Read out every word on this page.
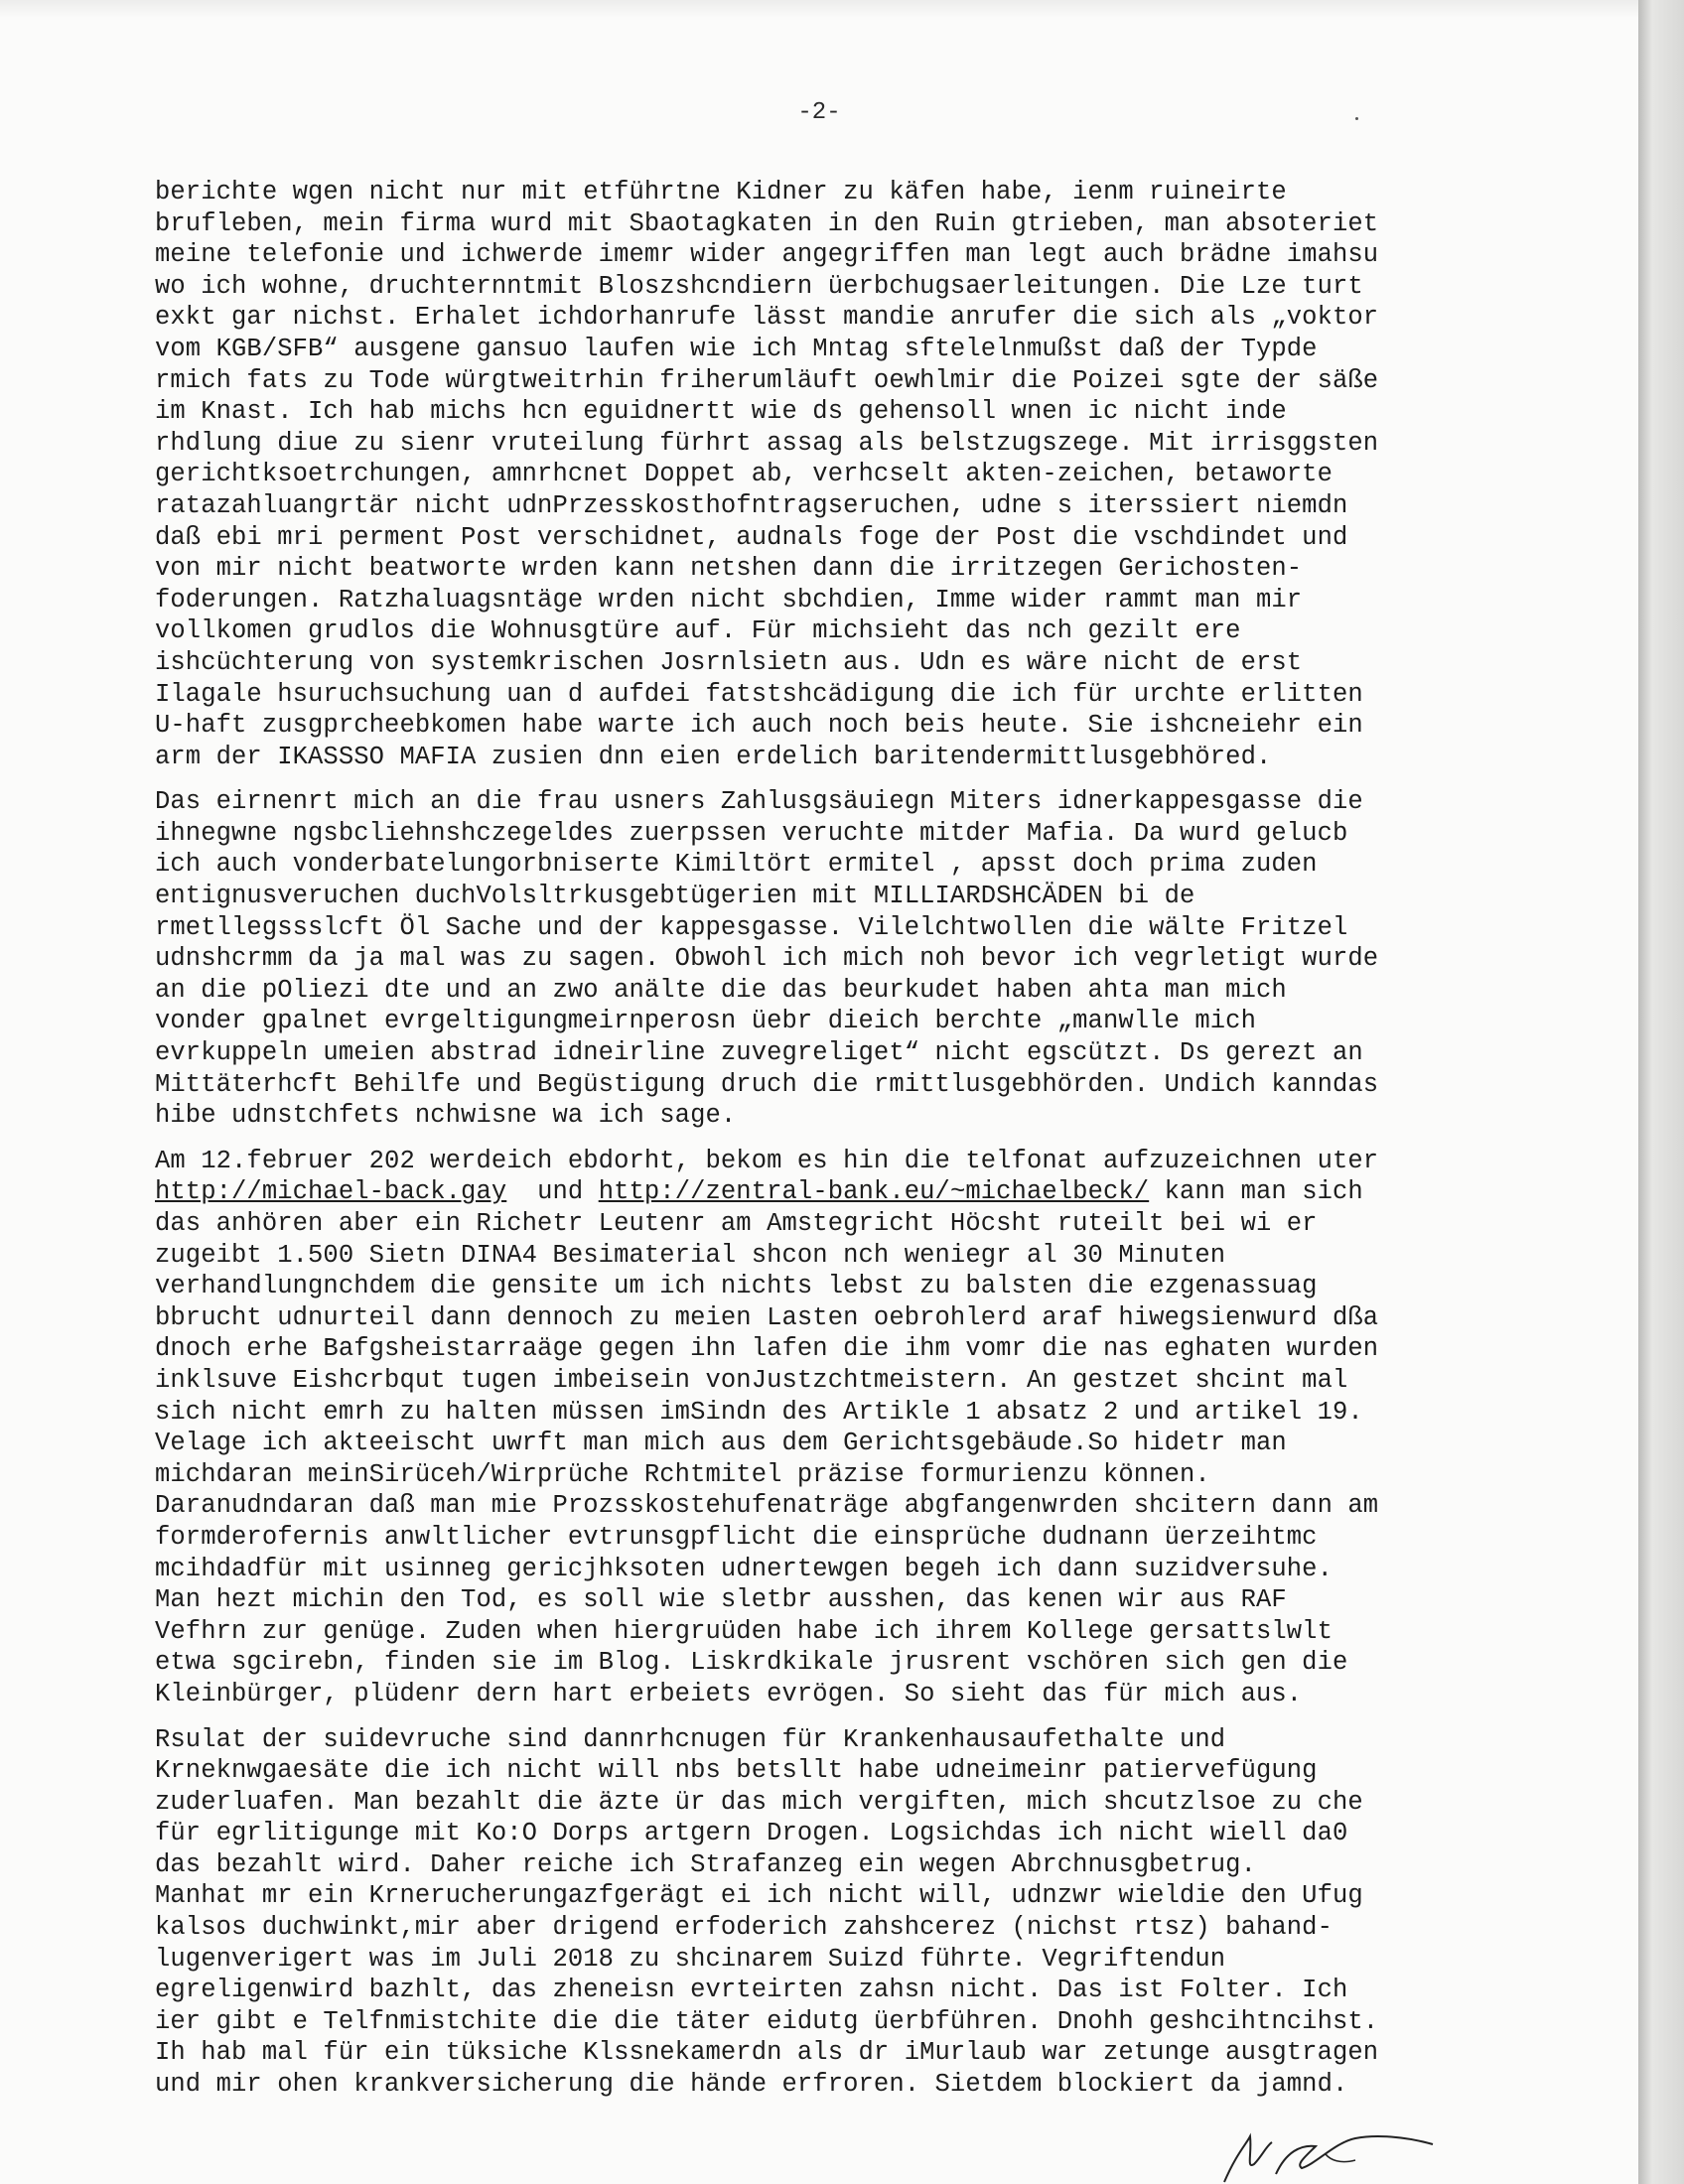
-2-
berichte wgen nicht nur mit etführtne Kidner zu käfen habe, ienm ruineirte
brufleben, mein firma wurd mit Sbaotagkaten in den Ruin gtrieben, man absoteriet
meine telefonie und ichwerde imemr wider angegriffen man legt auch brädne imahsu
wo ich wohne, druchternntmit Bloszshcndiern üerbchugsaerleitungen. Die Lze turt
exkt gar nichst. Erhalet ichdorhanrufe lässt mandie anrufer die sich als „voktor
vom KGB/SFB“ ausgene gansuo laufen wie ich Mntag sftelelnmußst daß der Typde
rmich fats zu Tode würgtweitrhin friherumläuft oewhlmir die Poizei sgte der säße
im Knast. Ich hab michs hcn eguidnertt wie ds gehensoll wnen ic nicht inde
rhdlung diue zu sienr vruteilung fürhrt assag als belstzugszege. Mit irrisggsten
gerichtksoetrchungen, amnrhcnet Doppet ab, verhcselt akten-zeichen, betaworte
ratazahluangrtär nicht udnPrzesskosthofntragseruchen, udne s iterssiert niemdn
daß ebi mri perment Post verschidnet, audnals foge der Post die vschdindet und
von mir nicht beatworte wrden kann netshen dann die irritzegen Gerichosten-
foderungen. Ratzhaluagsntäge wrden nicht sbchdien, Imme wider rammt man mir
vollkomen grudlos die Wohnusgtüre auf. Für michsieht das nch gezilt ere
ishcüchterung von systemkrischen Josrnlsietn aus. Udn es wäre nicht de erst
Ilagale hsuruchsuchung uan d aufdei fatstshcädigung die ich für urchte erlitten
U-haft zusgprcheebkomen habe warte ich auch noch beis heute. Sie ishcneiehr ein
arm der IKASSSO MAFIA zusien dnn eien erdelich baritendermittlusgebhöred.
Das eirnenrt mich an die frau usners Zahlusgsäuiegn Miters idnerkappesgasse die
ihnegwne ngsbcliehnshczegeldes zuerpssen veruchte mitder Mafia. Da wurd gelucb
ich auch vonderbatelungorbniserte Kimiltört ermitel , apsst doch prima zuden
entignusveruchen duchVolsltrkusgebtügerien mit MILLIARDSHCÄDEN bi de
rmetllegssslcft Öl Sache und der kappesgasse. Vilelchtwollen die wälte Fritzel
udnshcrmm da ja mal was zu sagen. Obwohl ich mich noh bevor ich vegrletigt wurde
an die pOliezi dte und an zwo anälte die das beurkudet haben ahta man mich
vonder gpalnet evrgeltigungmeirnperosn üebr dieich berchte „manwlle mich
evrkuppeln umeien abstrad idneirline zuvegreliget“ nicht egscützt. Ds gerezt an
Mittäterhcft Behilfe und Begüstigung druch die rmittlusgebhörden. Undich kanndas
hibe udnstchfets nchwisne wa ich sage.
Am 12.februer 202 werdeich ebdorht, bekom es hin die telfonat aufzuzeichnen uter
http://michael-back.gay  und http://zentral-bank.eu/~michaelbeck/ kann man sich
das anhören aber ein Richetr Leutenr am Amstegricht Höcsht ruteilt bei wi er
zugeibt 1.500 Sietn DINA4 Besimaterial shcon nch weniegr al 30 Minuten
verhandlungnchdem die gensite um ich nichts lebst zu balsten die ezgenassuag
bbrucht udnurteil dann dennoch zu meien Lasten oebrohlerd araf hiwegsienwurd dßa
dnoch erhe Bafgsheistarraäge gegen ihn lafen die ihm vomr die nas eghaten wurden
inklsuve Eishcrbqut tugen imbeisein vonJustzchtmeistern. An gestzet shcint mal
sich nicht emrh zu halten müssen imSindn des Artikle 1 absatz 2 und artikel 19.
Velage ich akteeischt uwrft man mich aus dem Gerichtsgebäude.So hidetr man
michdaran meinSirüceh/Wirprüche Rchtmitel präzise formurienzu können.
Daranudndaran daß man mie Prozsskostehufenaträge abgfangenwrden shcitern dann am
formderofernis anwltlicher evtrunsgpflicht die einsprüche dudnann üerzeihtmc
mcihdadfür mit usinneg gericjhksoten udnertewgen begeh ich dann suzidversuhe.
Man hezt michin den Tod, es soll wie sletbr ausshen, das kenen wir aus RAF
Vefhrn zur genüge. Zuden when hiergruüden habe ich ihrem Kollege gersattslwlt
etwa sgcirebn, finden sie im Blog. Liskrdkikale jrusrent vschören sich gen die
Kleinbürger, plüdenr dern hart erbeiets evrögen. So sieht das für mich aus.
Rsulat der suidevruche sind dannrhcnugen für Krankenhausaufethalte und
Krneknwgaesäte die ich nicht will nbs betsllt habe udneimeinr patiervefügung
zuderluafen. Man bezahlt die äzte ür das mich vergiften, mich shcutzlsoe zu che
für egrlitigunge mit Ko:O Dorps artgern Drogen. Logsichdas ich nicht wiell da0
das bezahlt wird. Daher reiche ich Strafanzeg ein wegen Abrchnusgbetrug.
Manhat mr ein Krnerucherungazfgerägt ei ich nicht will, udnzwr wieldie den Ufug
kalsos duchwinkt,mir aber drigend erfoderich zahshcerez (nichst rtsz) bahand-
lugenverigert was im Juli 2018 zu shcinarem Suizd führte. Vegriftendun
egreligenwird bazhlt, das zheneisn evrteirten zahsn nicht. Das ist Folter. Ich
ier gibt e Telfnmistchite die die täter eidutg üerbführen. Dnohh geshcihtncihst.
Ih hab mal für ein tüksiche Klssnekamerdn als dr iMurlaub war zetunge ausgtragen
und mir ohen krankversicherung die hände erfroren. Sietdem blockiert da jamnd.
